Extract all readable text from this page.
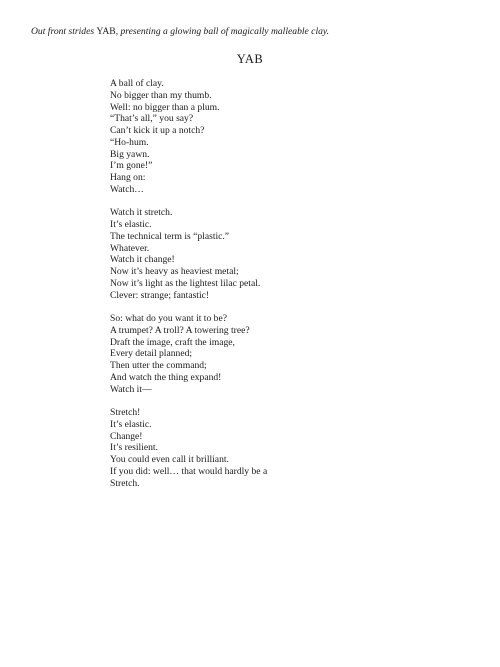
Out front strides YAB, presenting a glowing ball of magically malleable clay.
YAB
A ball of clay.
No bigger than my thumb.
Well: no bigger than a plum.
“That’s all,” you say?
Can’t kick it up a notch?
“Ho-hum.
Big yawn.
I’m gone!”
Hang on:
Watch…
Watch it stretch.
It’s elastic.
The technical term is “plastic.”
Whatever.
Watch it change!
Now it’s heavy as heaviest metal;
Now it’s light as the lightest lilac petal.
Clever: strange; fantastic!
So: what do you want it to be?
A trumpet? A troll? A towering tree?
Draft the image, craft the image,
Every detail planned;
Then utter the command;
And watch the thing expand!
Watch it—
Stretch!
It’s elastic.
Change!
It’s resilient.
You could even call it brilliant.
If you did: well… that would hardly be a
Stretch.
